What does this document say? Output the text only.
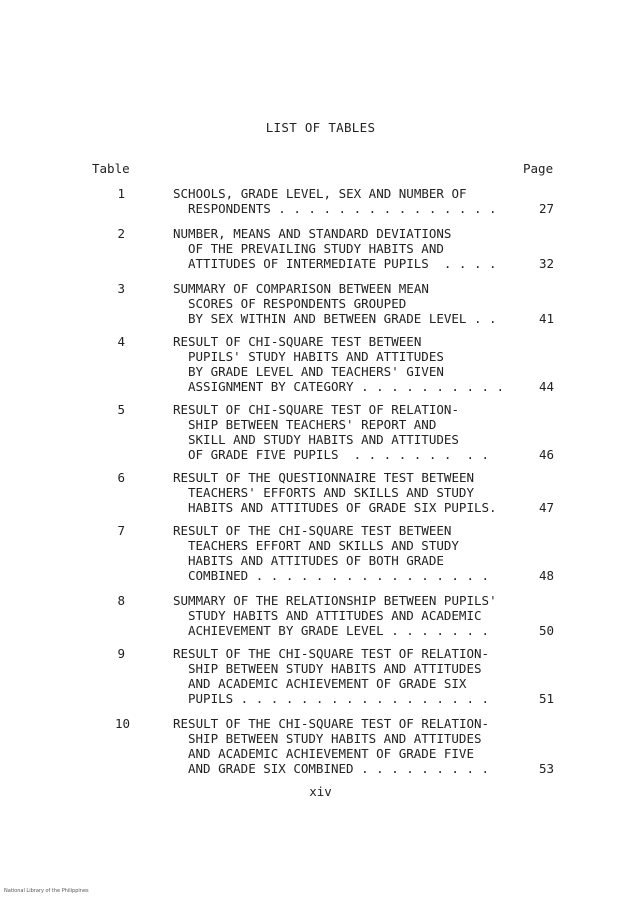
LIST OF TABLES
Table	Page
1	SCHOOLS, GRADE LEVEL, SEX AND NUMBER OF
RESPONDENTS . . . . . . . . . . . . . . .	27
2	NUMBER, MEANS AND STANDARD DEVIATIONS
OF THE PREVAILING STUDY HABITS AND
ATTITUDES OF INTERMEDIATE PUPILS  . . . .	32
3	SUMMARY OF COMPARISON BETWEEN MEAN
SCORES OF RESPONDENTS GROUPED
BY SEX WITHIN AND BETWEEN GRADE LEVEL . .	41
4	RESULT OF CHI-SQUARE TEST BETWEEN
PUPILS' STUDY HABITS AND ATTITUDES
BY GRADE LEVEL AND TEACHERS' GIVEN
ASSIGNMENT BY CATEGORY . . . . . . . . . .	44
5	RESULT OF CHI-SQUARE TEST OF RELATION-
SHIP BETWEEN TEACHERS' REPORT AND
SKILL AND STUDY HABITS AND ATTITUDES
OF GRADE FIVE PUPILS  . . . . . . .  . .	46
6	RESULT OF THE QUESTIONNAIRE TEST BETWEEN
TEACHERS' EFFORTS AND SKILLS AND STUDY
HABITS AND ATTITUDES OF GRADE SIX PUPILS.	47
7	RESULT OF THE CHI-SQUARE TEST BETWEEN
TEACHERS EFFORT AND SKILLS AND STUDY
HABITS AND ATTITUDES OF BOTH GRADE
COMBINED . . . . . . . . . . . . . . . .	48
8	SUMMARY OF THE RELATIONSHIP BETWEEN PUPILS'
STUDY HABITS AND ATTITUDES AND ACADEMIC
ACHIEVEMENT BY GRADE LEVEL . . . . . . .	50
9	RESULT OF THE CHI-SQUARE TEST OF RELATION-
SHIP BETWEEN STUDY HABITS AND ATTITUDES
AND ACADEMIC ACHIEVEMENT OF GRADE SIX
PUPILS . . . . . . . . . . . . . . . . .	51
10	RESULT OF THE CHI-SQUARE TEST OF RELATION-
SHIP BETWEEN STUDY HABITS AND ATTITUDES
AND ACADEMIC ACHIEVEMENT OF GRADE FIVE
AND GRADE SIX COMBINED . . . . . . . . .	53
xiv
National Library of the Philippines
